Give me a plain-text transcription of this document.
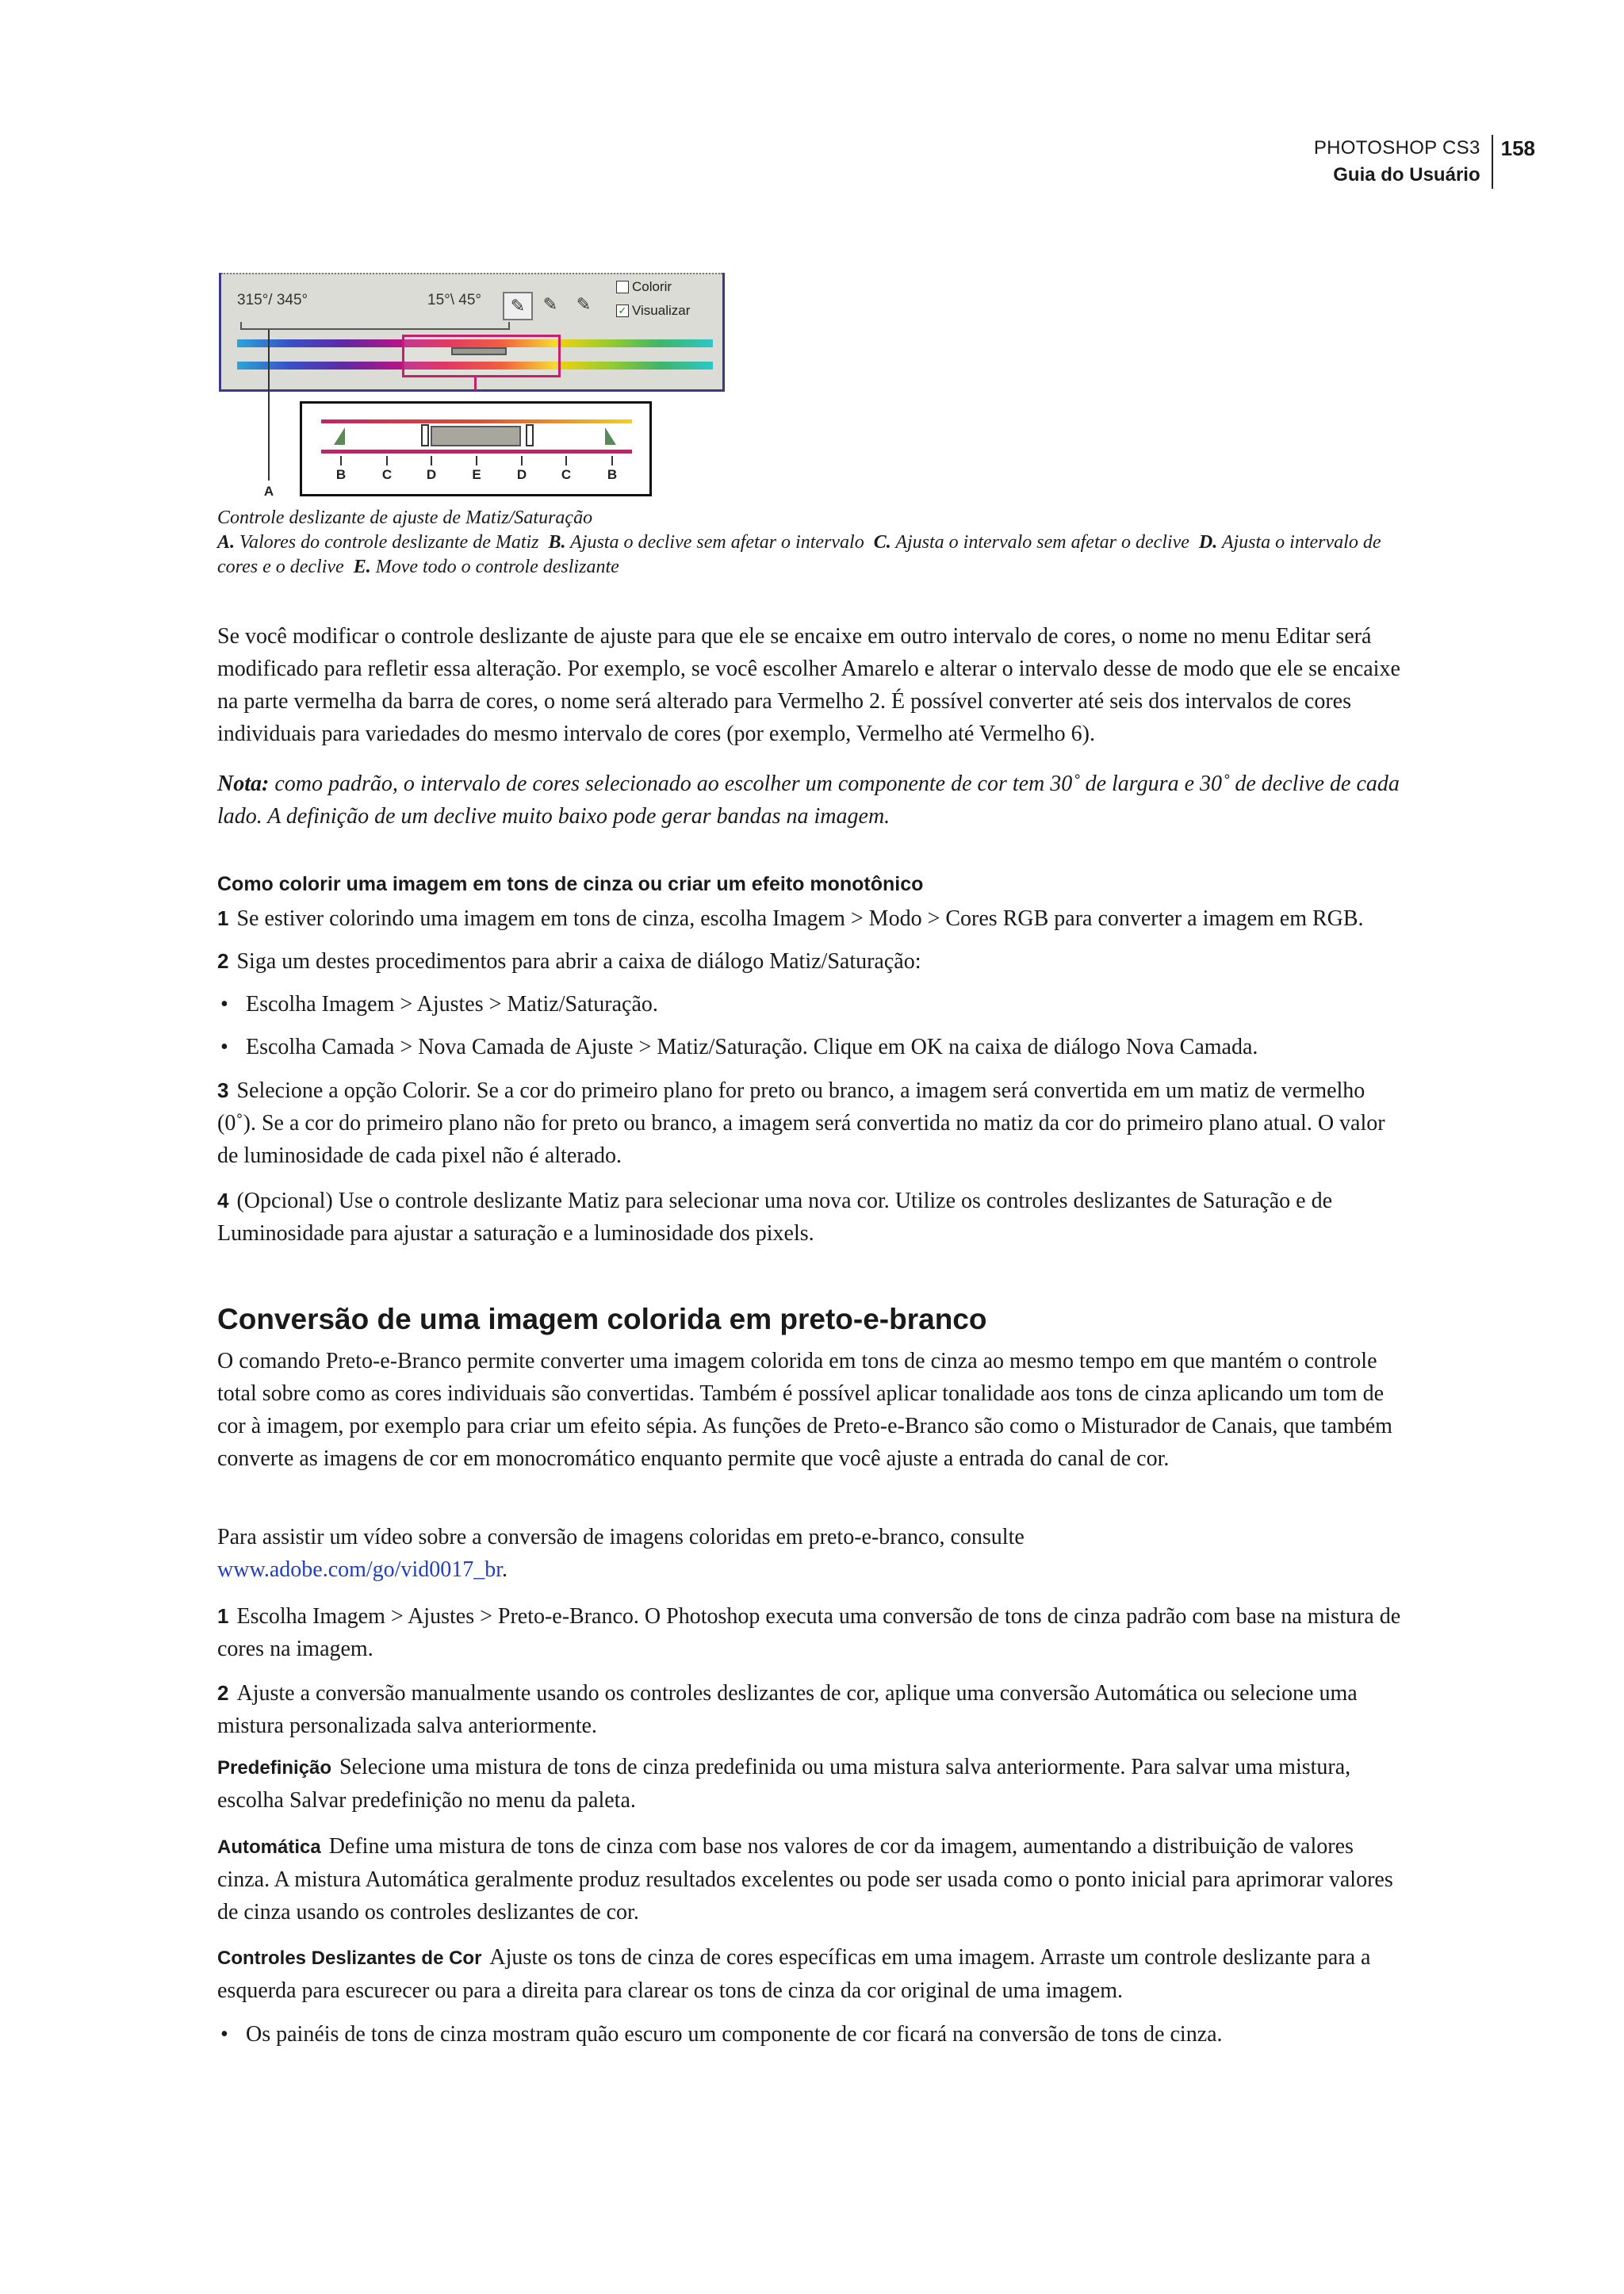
PHOTOSHOP CS3
Guia do Usuário
158
315°/ 345°	15°\ 45°	✎	✎	✎
Colorir
✓ Visualizar
B	C	D	E	D	C	B
A
Controle deslizante de ajuste de Matiz/Saturação
A. Valores do controle deslizante de Matiz B. Ajusta o declive sem afetar o intervalo C. Ajusta o intervalo sem afetar o declive D. Ajusta o intervalo de cores e o declive E. Move todo o controle deslizante

Se você modificar o controle deslizante de ajuste para que ele se encaixe em outro intervalo de cores, o nome no menu Editar será modificado para refletir essa alteração. Por exemplo, se você escolher Amarelo e alterar o intervalo desse de modo que ele se encaixe na parte vermelha da barra de cores, o nome será alterado para Vermelho 2. É possível converter até seis dos intervalos de cores individuais para variedades do mesmo intervalo de cores (por exemplo, Vermelho até Vermelho 6).

Nota: como padrão, o intervalo de cores selecionado ao escolher um componente de cor tem 30˚ de largura e 30˚ de declive de cada lado. A definição de um declive muito baixo pode gerar bandas na imagem.

Como colorir uma imagem em tons de cinza ou criar um efeito monotônico

1 Se estiver colorindo uma imagem em tons de cinza, escolha Imagem > Modo > Cores RGB para converter a imagem em RGB.

2 Siga um destes procedimentos para abrir a caixa de diálogo Matiz/Saturação:

• Escolha Imagem > Ajustes > Matiz/Saturação.
• Escolha Camada > Nova Camada de Ajuste > Matiz/Saturação. Clique em OK na caixa de diálogo Nova Camada.

3 Selecione a opção Colorir. Se a cor do primeiro plano for preto ou branco, a imagem será convertida em um matiz de vermelho (0˚). Se a cor do primeiro plano não for preto ou branco, a imagem será convertida no matiz da cor do primeiro plano atual. O valor de luminosidade de cada pixel não é alterado.

4 (Opcional) Use o controle deslizante Matiz para selecionar uma nova cor. Utilize os controles deslizantes de Saturação e de Luminosidade para ajustar a saturação e a luminosidade dos pixels.

Conversão de uma imagem colorida em preto-e-branco

O comando Preto-e-Branco permite converter uma imagem colorida em tons de cinza ao mesmo tempo em que mantém o controle total sobre como as cores individuais são convertidas. Também é possível aplicar tonalidade aos tons de cinza aplicando um tom de cor à imagem, por exemplo para criar um efeito sépia. As funções de Preto-e-Branco são como o Misturador de Canais, que também converte as imagens de cor em monocromático enquanto permite que você ajuste a entrada do canal de cor.

Para assistir um vídeo sobre a conversão de imagens coloridas em preto-e-branco, consulte
www.adobe.com/go/vid0017_br.

1 Escolha Imagem > Ajustes > Preto-e-Branco. O Photoshop executa uma conversão de tons de cinza padrão com base na mistura de cores na imagem.

2 Ajuste a conversão manualmente usando os controles deslizantes de cor, aplique uma conversão Automática ou selecione uma mistura personalizada salva anteriormente.

Predefinição Selecione uma mistura de tons de cinza predefinida ou uma mistura salva anteriormente. Para salvar uma mistura, escolha Salvar predefinição no menu da paleta.

Automática Define uma mistura de tons de cinza com base nos valores de cor da imagem, aumentando a distribuição de valores cinza. A mistura Automática geralmente produz resultados excelentes ou pode ser usada como o ponto inicial para aprimorar valores de cinza usando os controles deslizantes de cor.

Controles Deslizantes de Cor Ajuste os tons de cinza de cores específicas em uma imagem. Arraste um controle deslizante para a esquerda para escurecer ou para a direita para clarear os tons de cinza da cor original de uma imagem.

• Os painéis de tons de cinza mostram quão escuro um componente de cor ficará na conversão de tons de cinza.
